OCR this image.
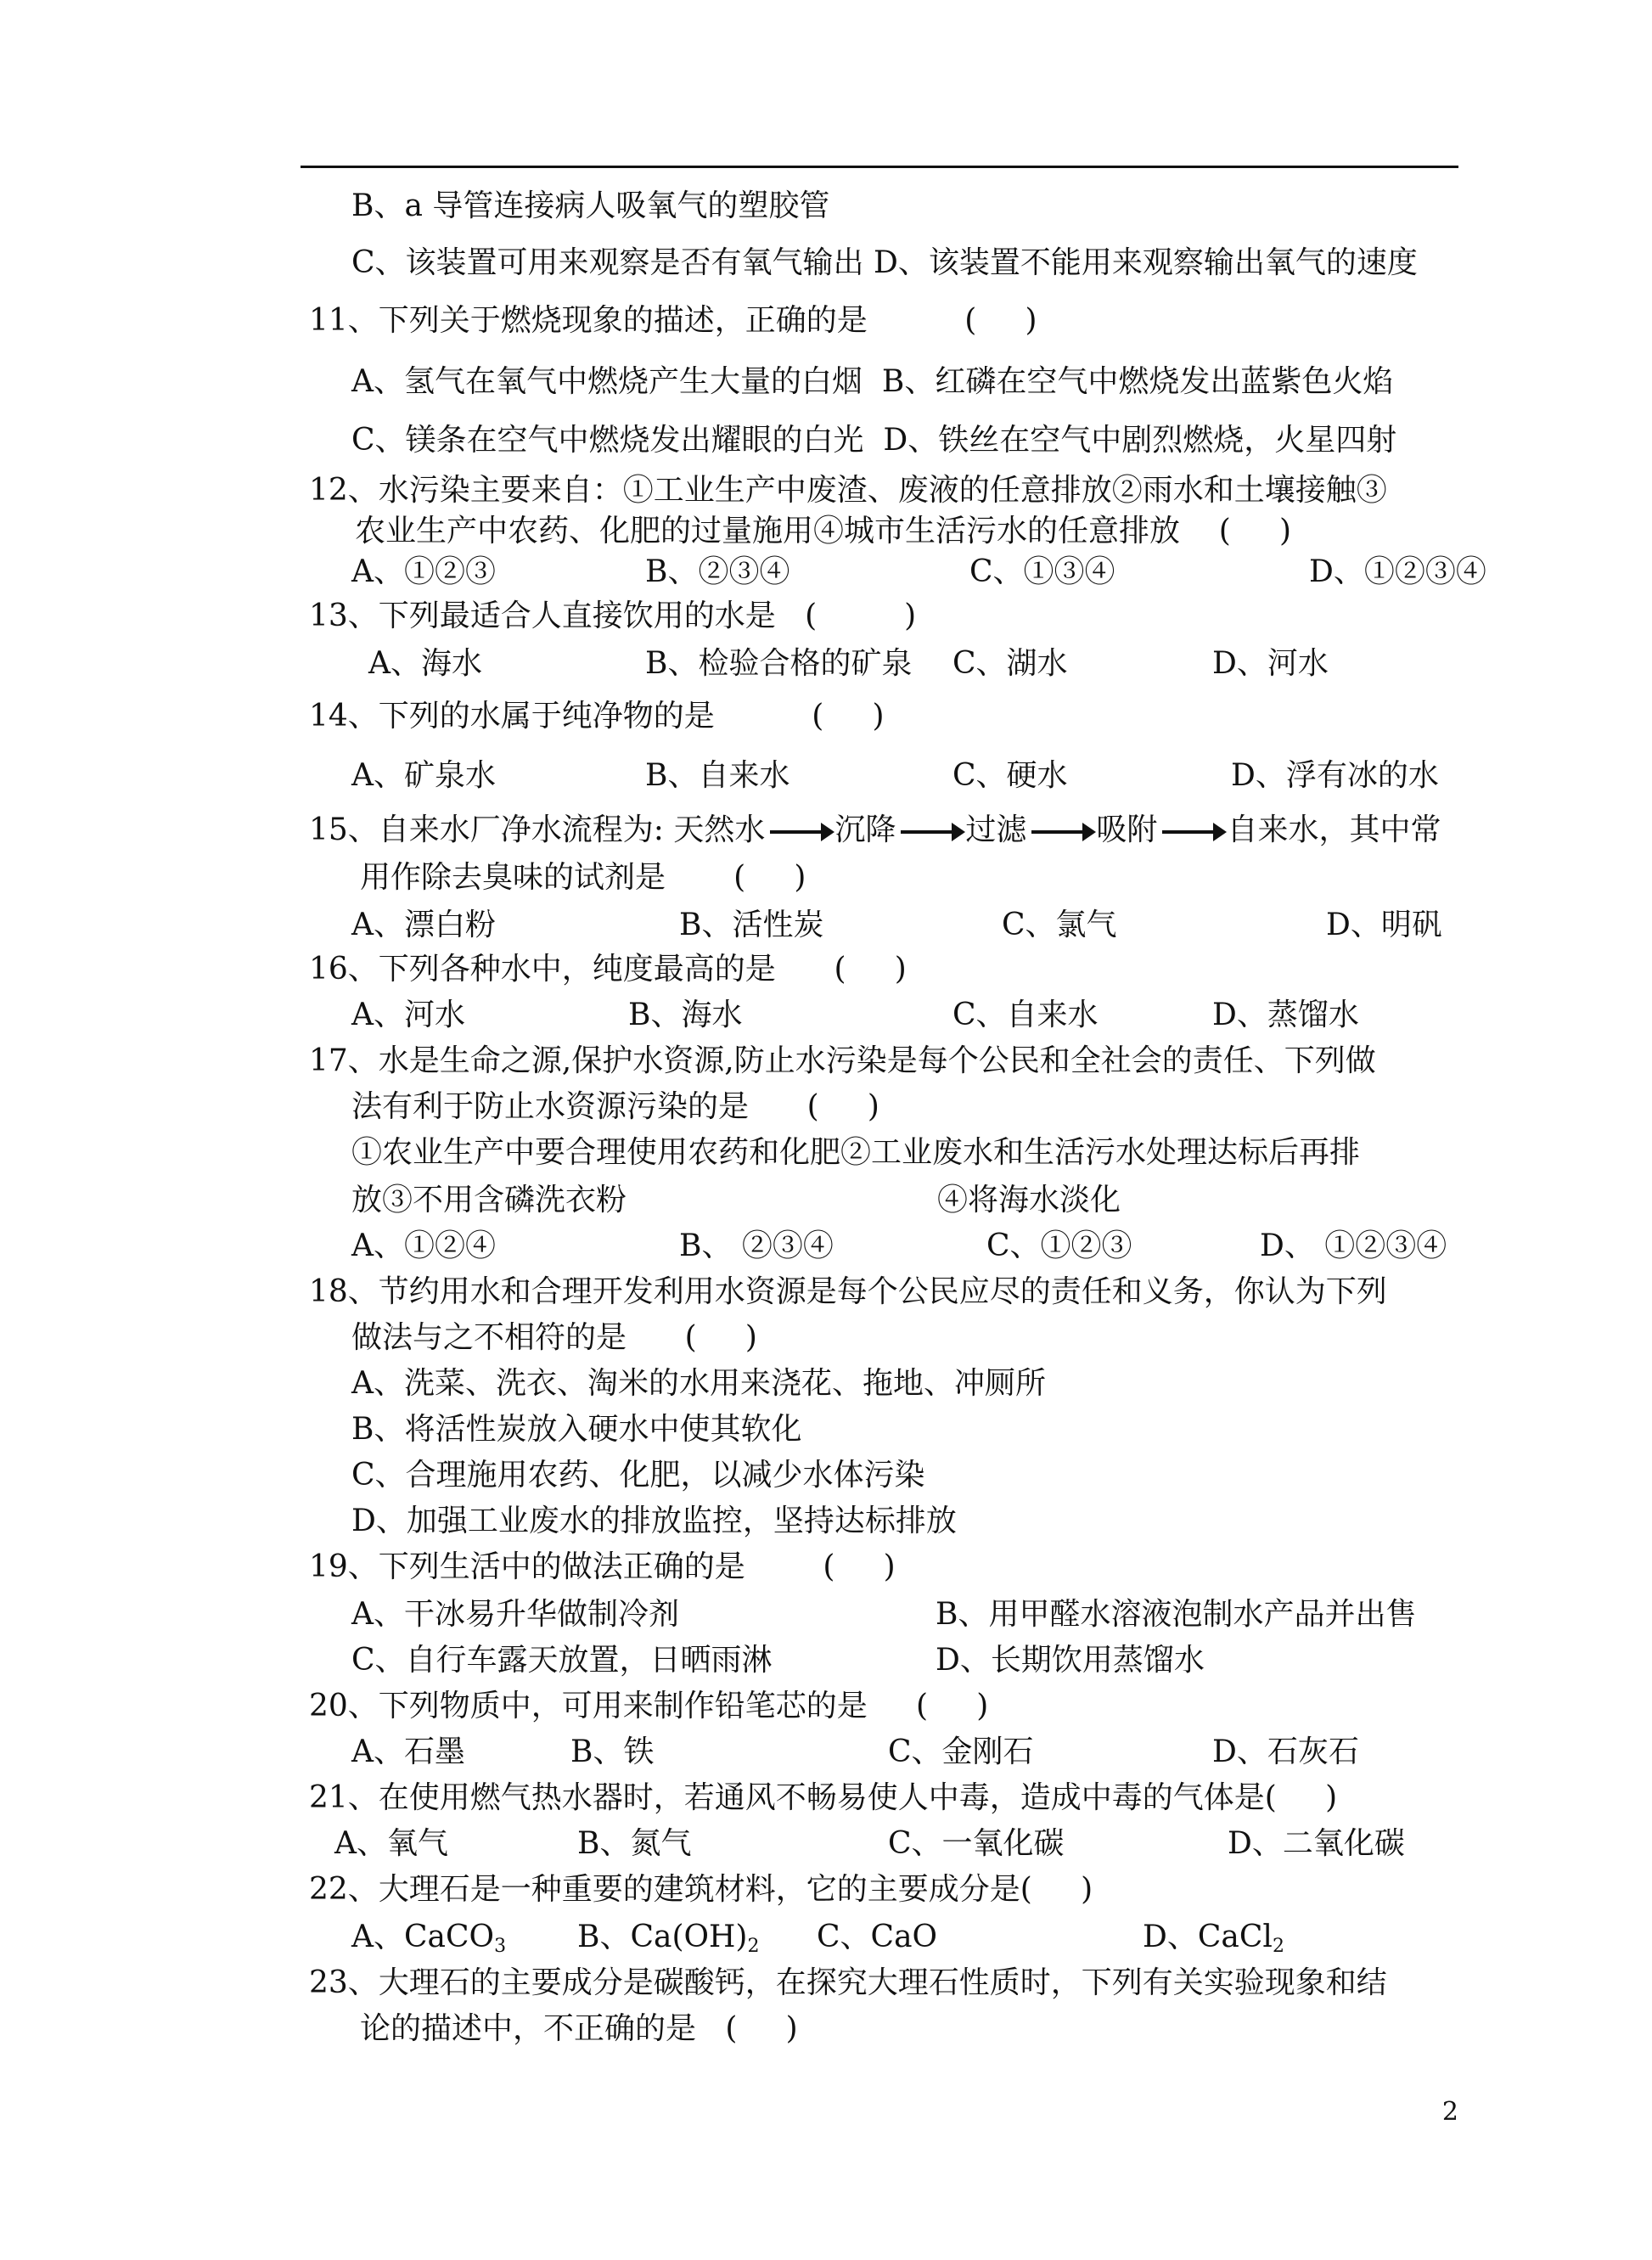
B、a 导管连接病人吸氧气的塑胶管
C、该装置可用来观察是否有氧气输出 D、该装置不能用来观察输出氧气的速度
11、下列关于燃烧现象的描述，正确的是          (     )
A、氢气在氧气中燃烧产生大量的白烟  B、红磷在空气中燃烧发出蓝紫色火焰
C、镁条在空气中燃烧发出耀眼的白光  D、铁丝在空气中剧烈燃烧，火星四射
12、水污染主要来自：①工业生产中废渣、废液的任意排放②雨水和土壤接触③
农业生产中农药、化肥的过量施用④城市生活污水的任意排放    (     )
A、①②③	B、②③④	C、①③④	D、①②③④
13、下列最适合人直接饮用的水是   (         )
A、海水	B、检验合格的矿泉 C、湖水	D、河水
14、下列的水属于纯净物的是          (     )
A、矿泉水	B、自来水	C、硬水	D、浮有冰的水
15、自来水厂净水流程为: 天然水 沉降 过滤 吸附 自来水，其中常
用作除去臭味的试剂是       (     )
A、漂白粉	B、活性炭	C、氯气	D、明矾
16、下列各种水中，纯度最高的是      (     )
A、河水	B、海水	C、自来水	D、蒸馏水
17、水是生命之源,保护水资源,防止水污染是每个公民和全社会的责任、下列做
法有利于防止水资源污染的是      (     )
①农业生产中要合理使用农药和化肥②工业废水和生活污水处理达标后再排
放③不用含磷洗衣粉	④将海水淡化
A、①②④	B、 ②③④	C、①②③	D、 ①②③④
18、节约用水和合理开发利用水资源是每个公民应尽的责任和义务，你认为下列
做法与之不相符的是      (     )
A、洗菜、洗衣、淘米的水用来浇花、拖地、冲厕所
B、将活性炭放入硬水中使其软化
C、合理施用农药、化肥，以减少水体污染
D、加强工业废水的排放监控，坚持达标排放
19、下列生活中的做法正确的是        (     )
A、干冰易升华做制冷剂	B、用甲醛水溶液泡制水产品并出售
C、自行车露天放置，日晒雨淋	D、长期饮用蒸馏水
20、下列物质中，可用来制作铅笔芯的是     (     )
A、石墨	B、铁	C、金刚石	D、石灰石
21、在使用燃气热水器时，若通风不畅易使人中毒，造成中毒的气体是(     )
A、氧气	B、氮气	C、一氧化碳	D、二氧化碳
22、大理石是一种重要的建筑材料，它的主要成分是(     )
A、CaCO$_3$ B、$Ca(OH)_2$ C、CaO	D、CaCl$_2$
23、大理石的主要成分是碳酸钙，在探究大理石性质时，下列有关实验现象和结
论的描述中，不正确的是   (     )
2
